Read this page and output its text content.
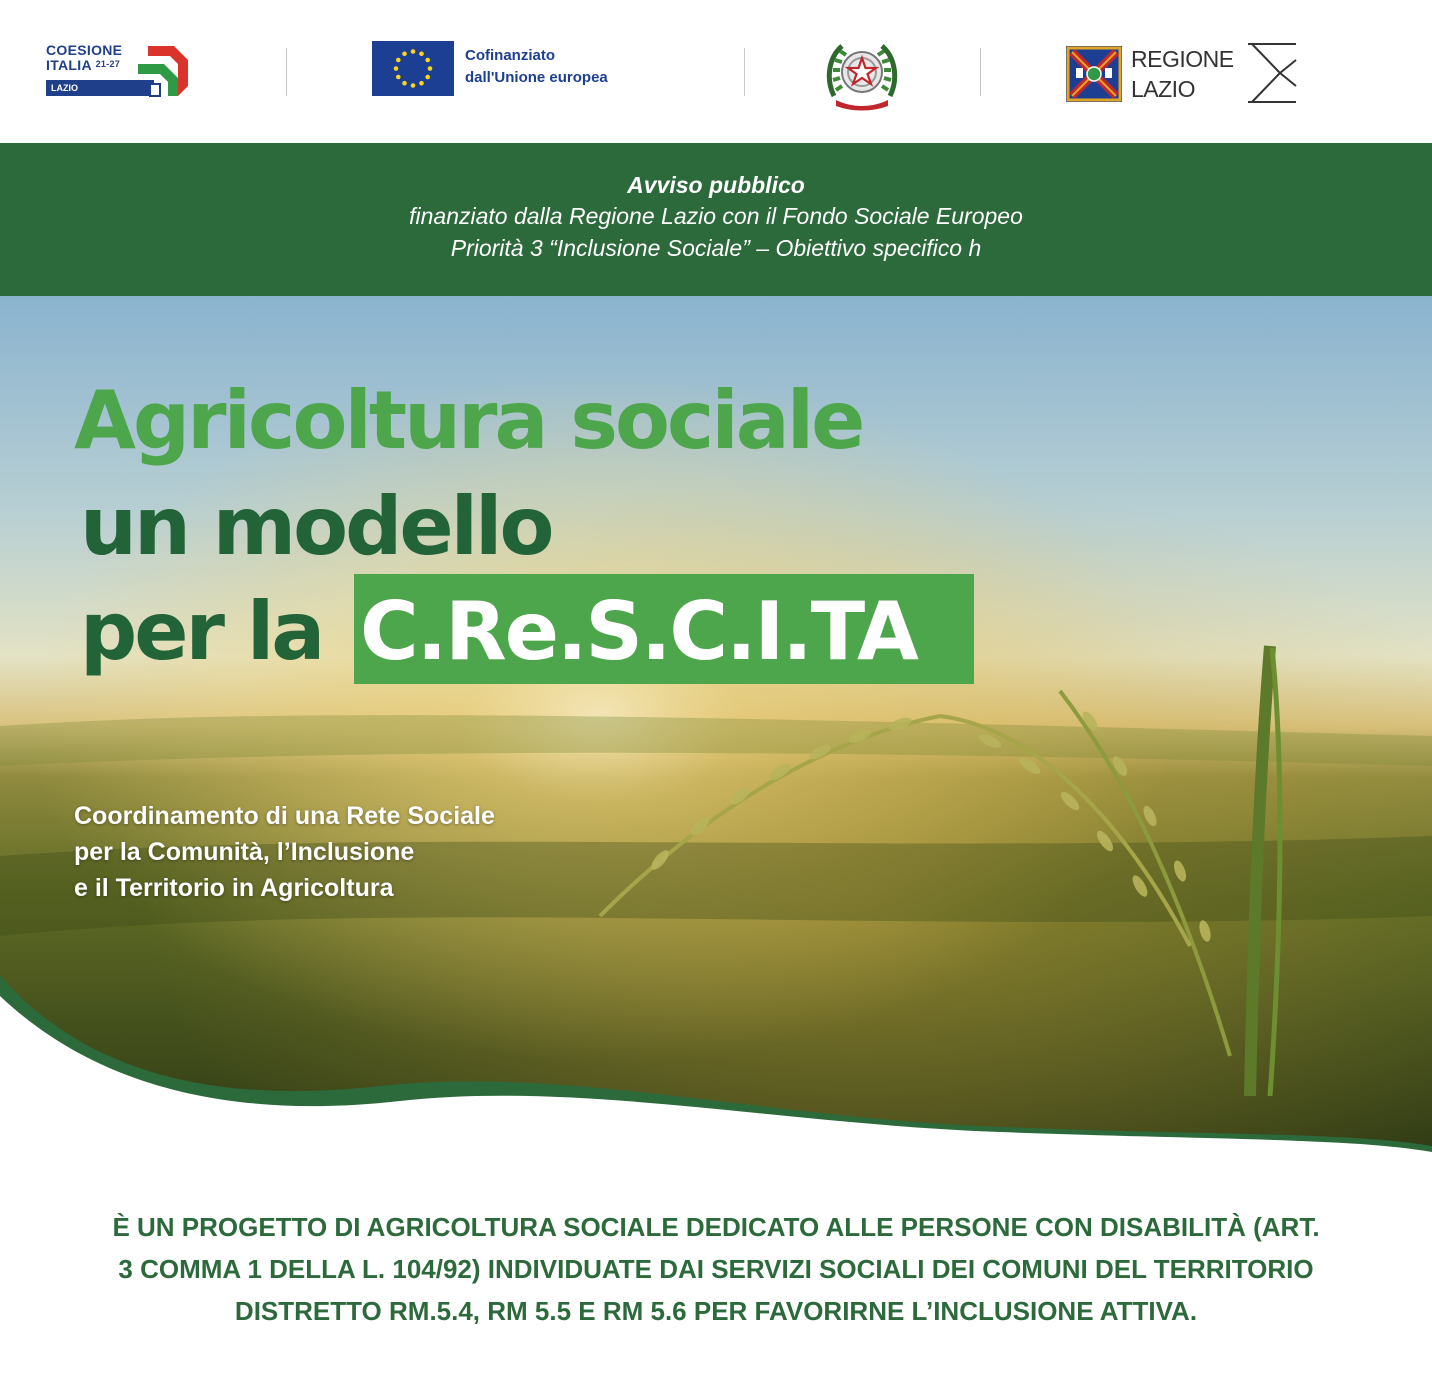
COESIONE
ITALIA $^{21-27}$
LAZIO
Cofinanziato
dall'Unione europea
REGIONE
LAZIO
Avviso pubblico
finanziato dalla Regione Lazio con il Fondo Sociale Europeo
Priorità 3 “Inclusione Sociale” – Obiettivo specifico h
Agricoltura sociale
un modello
per la C.Re.S.C.I.TA
Coordinamento di una Rete Sociale
per la Comunità, l’Inclusione
e il Territorio in Agricoltura
È UN PROGETTO DI AGRICOLTURA SOCIALE DEDICATO ALLE PERSONE CON DISABILITÀ (ART.
3 COMMA 1 DELLA L. 104/92) INDIVIDUATE DAI SERVIZI SOCIALI DEI COMUNI DEL TERRITORIO
DISTRETTO RM.5.4, RM 5.5 E RM 5.6 PER FAVORIRNE L’INCLUSIONE ATTIVA.
